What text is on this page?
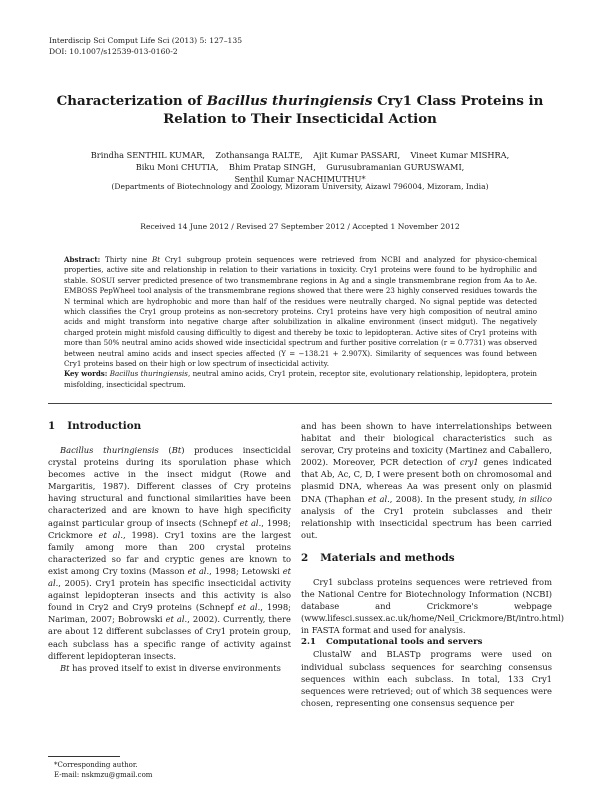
Interdiscip Sci Comput Life Sci (2013) 5: 127–135
DOI: 10.1007/s12539-013-0160-2
Characterization of Bacillus thuringiensis Cry1 Class Proteins in
Relation to Their Insecticidal Action
Brindha SENTHIL KUMAR,    Zothansanga RALTE,    Ajit Kumar PASSARI,    Vineet Kumar MISHRA,
Biku Moni CHUTIA,    Bhim Pratap SINGH,    Gurusubramanian GURUSWAMI,
Senthil Kumar NACHIMUTHU*
(Departments of Biotechnology and Zoology, Mizoram University, Aizawl 796004, Mizoram, India)
Received 14 June 2012 / Revised 27 September 2012 / Accepted 1 November 2012
Abstract: Thirty nine Bt Cry1 subgroup protein sequences were retrieved from NCBI and analyzed for physico-chemical properties, active site and relationship in relation to their variations in toxicity. Cry1 proteins were found to be hydrophilic and stable. SOSUI server predicted presence of two transmembrane regions in Ag and a single transmembrane region from Aa to Ae. EMBOSS PepWheel tool analysis of the transmembrane regions showed that there were 23 highly conserved residues towards the N terminal which are hydrophobic and more than half of the residues were neutrally charged. No signal peptide was detected which classifies the Cry1 group proteins as non-secretory proteins. Cry1 proteins have very high composition of neutral amino acids and might transform into negative charge after solubilization in alkaline environment (insect midgut). The negatively charged protein might misfold causing difficultly to digest and thereby be toxic to lepidopteran. Active sites of Cry1 proteins with more than 50% neutral amino acids showed wide insecticidal spectrum and further positive correlation (r = 0.7731) was observed between neutral amino acids and insect species affected (Y = −138.21 + 2.907X). Similarity of sequences was found between Cry1 proteins based on their high or low spectrum of insecticidal activity.
Key words: Bacillus thuringiensis, neutral amino acids, Cry1 protein, receptor site, evolutionary relationship, lepidoptera, protein misfolding, insecticidal spectrum.
1 Introduction

Bacillus thuringiensis (Bt) produces insecticidal crystal proteins during its sporulation phase which becomes active in the insect midgut (Rowe and Margaritis, 1987). Different classes of Cry proteins having structural and functional similarities have been characterized and are known to have high specificity against particular group of insects (Schnepf et al., 1998; Crickmore et al., 1998). Cry1 toxins are the largest family among more than 200 crystal proteins characterized so far and cryptic genes are known to exist among Cry toxins (Masson et al., 1998; Letowski et al., 2005). Cry1 protein has specific insecticidal activity against lepidopteran insects and this activity is also found in Cry2 and Cry9 proteins (Schnepf et al., 1998; Nariman, 2007; Bobrowski et al., 2002). Currently, there are about 12 different subclasses of Cry1 protein group, each subclass has a specific range of activity against different lepidopteran insects.

Bt has proved itself to exist in diverse environments

and has been shown to have interrelationships between habitat and their biological characteristics such as serovar, Cry proteins and toxicity (Martinez and Caballero, 2002). Moreover, PCR detection of cry1 genes indicated that Ab, Ac, C, D, I were present both on chromosomal and plasmid DNA, whereas Aa was present only on plasmid DNA (Thaphan et al., 2008). In the present study, in silico analysis of the Cry1 protein subclasses and their relationship with insecticidal spectrum has been carried out.

2 Materials and methods

Cry1 subclass proteins sequences were retrieved from the National Centre for Biotechnology Information (NCBI) database and Crickmore's webpage (www.lifesci.sussex.ac.uk/home/Neil_Crickmore/Bt/intro.html) in FASTA format and used for analysis.

2.1 Computational tools and servers

ClustalW and BLASTp programs were used on individual subclass sequences for searching consensus sequences within each subclass. In total, 133 Cry1 sequences were retrieved; out of which 38 sequences were chosen, representing one consensus sequence per

*Corresponding author.
E-mail: nskmzu@gmail.com
